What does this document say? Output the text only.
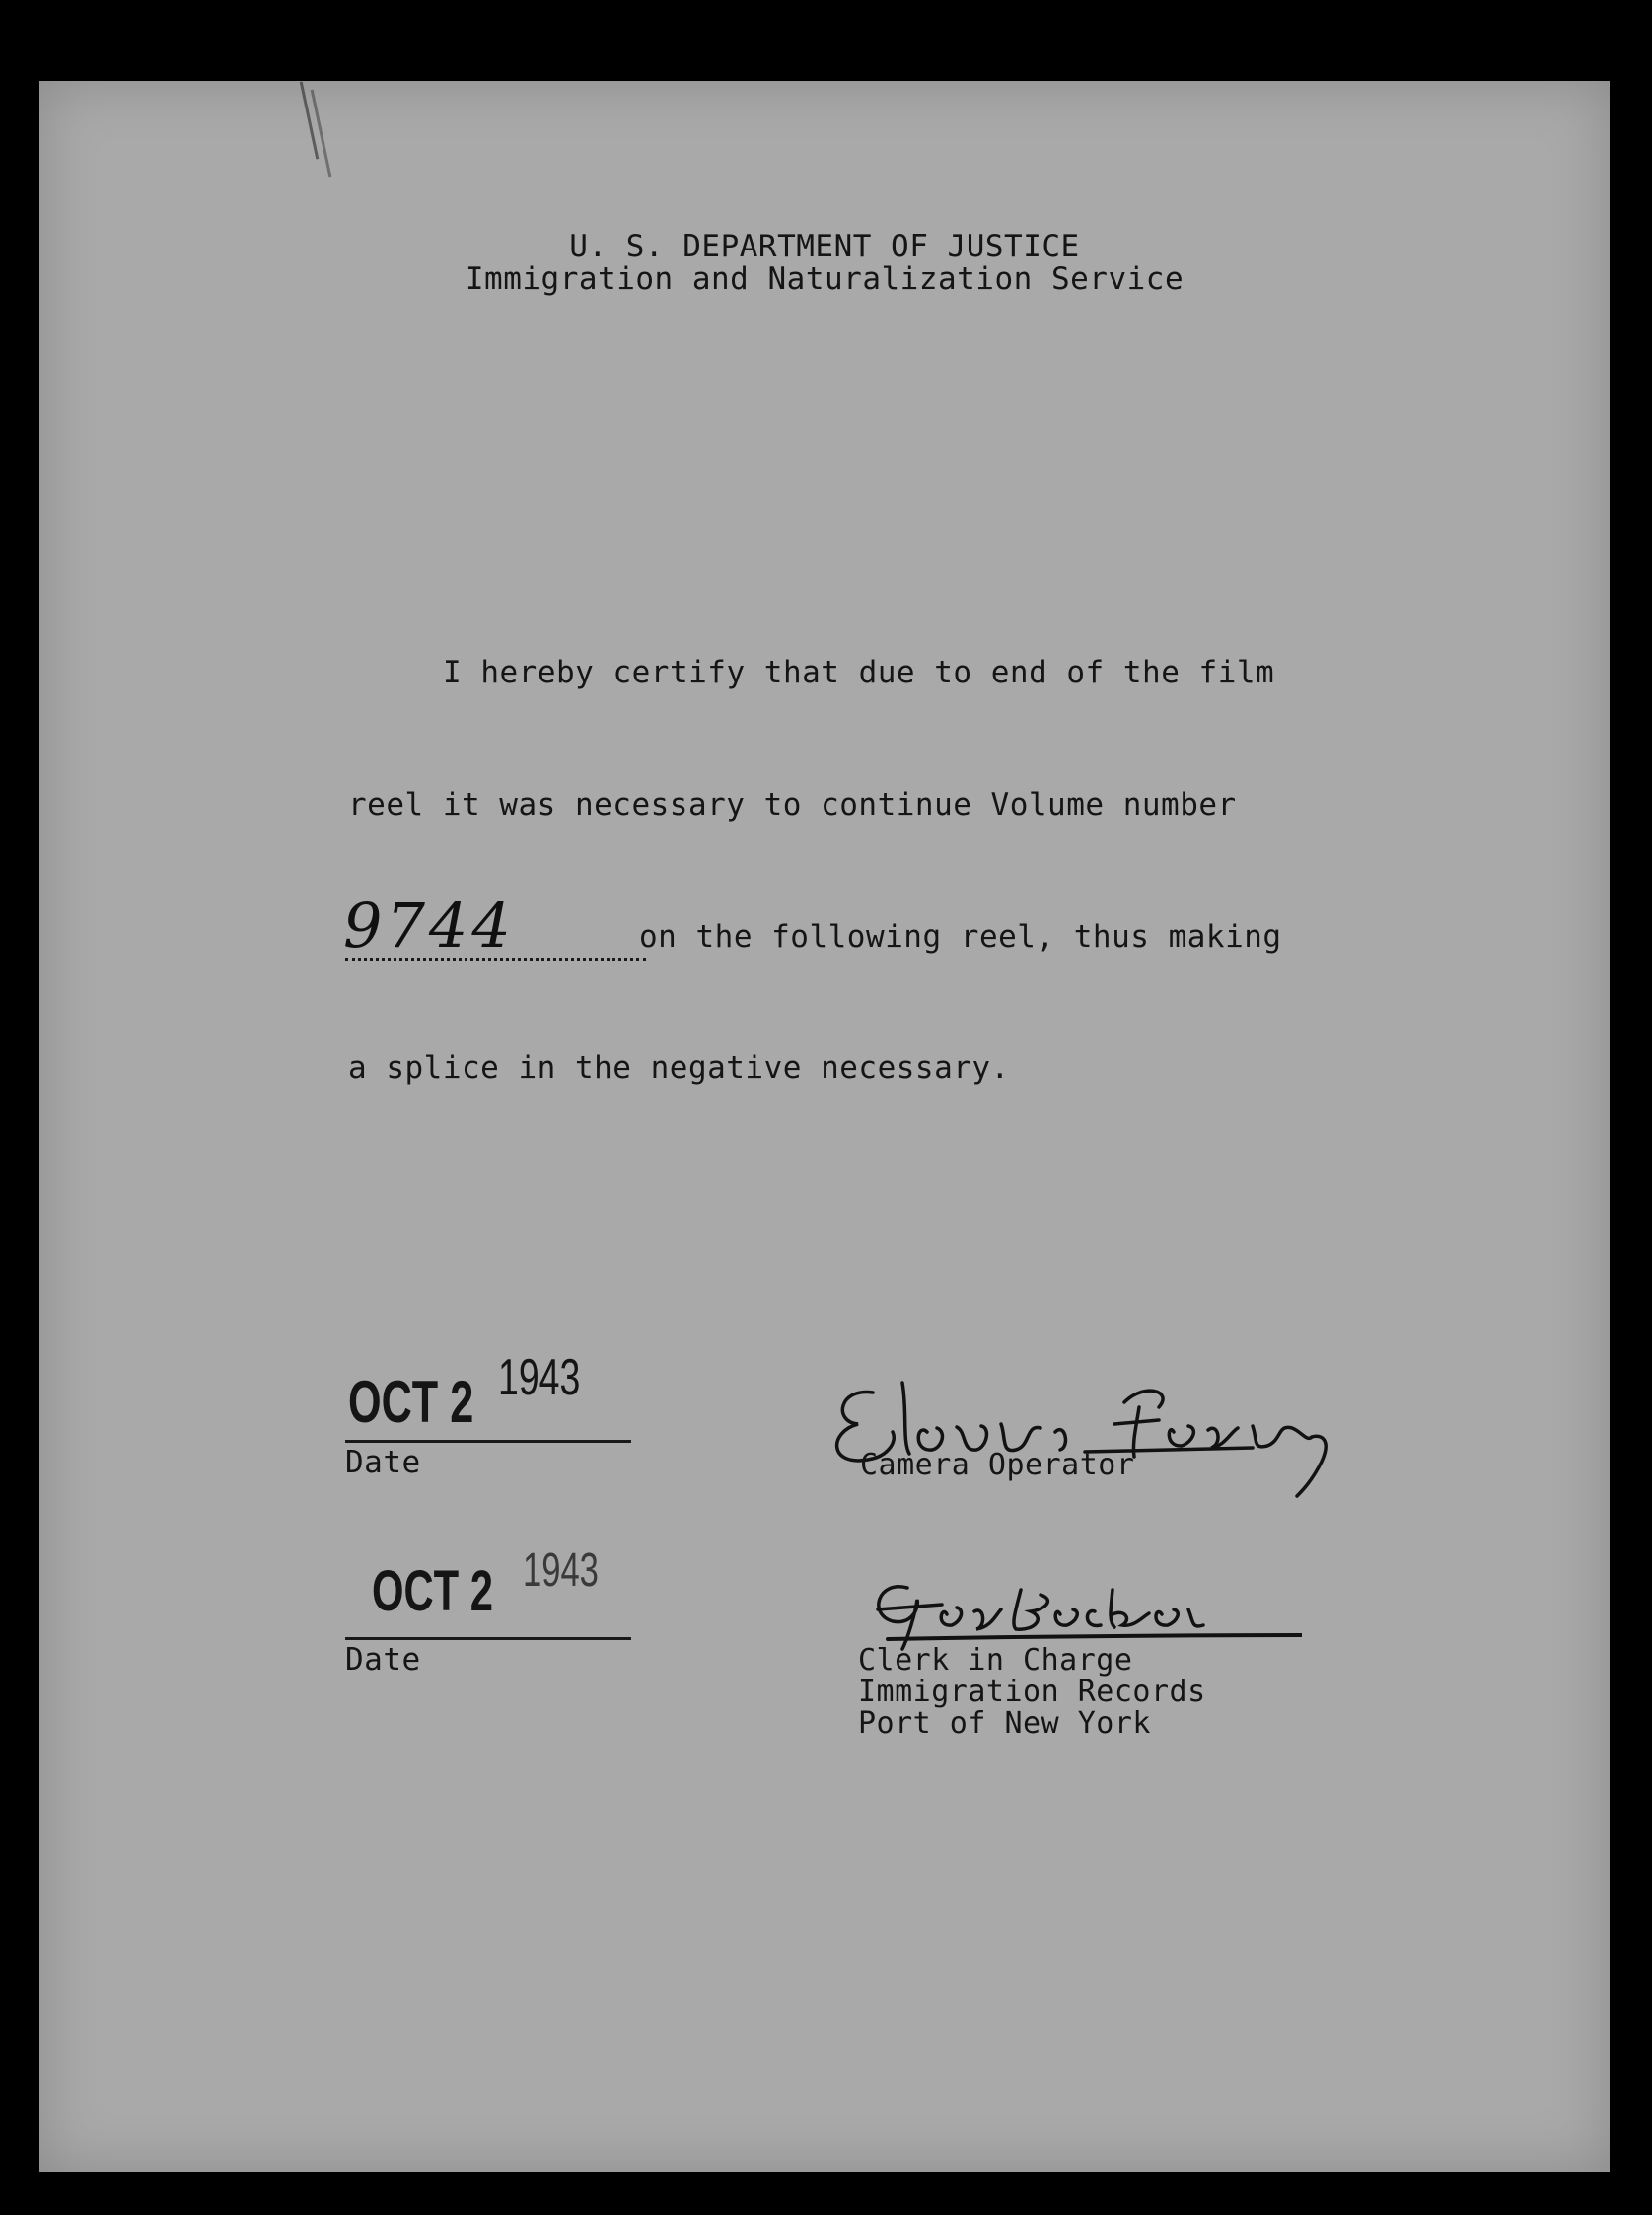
U. S. DEPARTMENT OF JUSTICE
Immigration and Naturalization Service
I hereby certify that due to end of the film
reel it was necessary to continue Volume number
9744	on the following reel, thus making
a splice in the negative necessary.
OCT 2 1943
Date	Camera Operator
OCT 2 1943
Date	Clerk in Charge
Immigration Records
Port of New York
